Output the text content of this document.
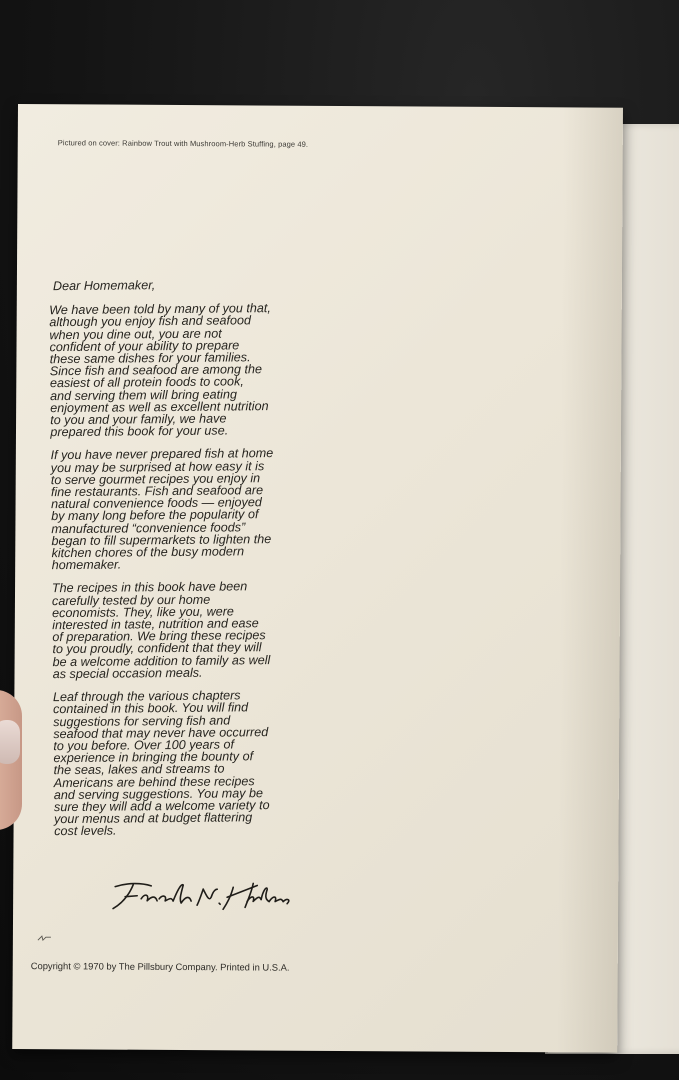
Pictured on cover: Rainbow Trout with Mushroom-Herb Stuffing, page 49.
Dear Homemaker,
We have been told by many of you that,
although you enjoy fish and seafood
when you dine out, you are not
confident of your ability to prepare
these same dishes for your families.
Since fish and seafood are among the
easiest of all protein foods to cook,
and serving them will bring eating
enjoyment as well as excellent nutrition
to you and your family, we have
prepared this book for your use.
If you have never prepared fish at home
you may be surprised at how easy it is
to serve gourmet recipes you enjoy in
fine restaurants. Fish and seafood are
natural convenience foods — enjoyed
by many long before the popularity of
manufactured “convenience foods”
began to fill supermarkets to lighten the
kitchen chores of the busy modern
homemaker.
The recipes in this book have been
carefully tested by our home
economists. They, like you, were
interested in taste, nutrition and ease
of preparation. We bring these recipes
to you proudly, confident that they will
be a welcome addition to family as well
as special occasion meals.
Leaf through the various chapters
contained in this book. You will find
suggestions for serving fish and
seafood that may never have occurred
to you before. Over 100 years of
experience in bringing the bounty of
the seas, lakes and streams to
Americans are behind these recipes
and serving suggestions. You may be
sure they will add a welcome variety to
your menus and at budget flattering
cost levels.
Copyright © 1970 by The Pillsbury Company. Printed in U.S.A.
